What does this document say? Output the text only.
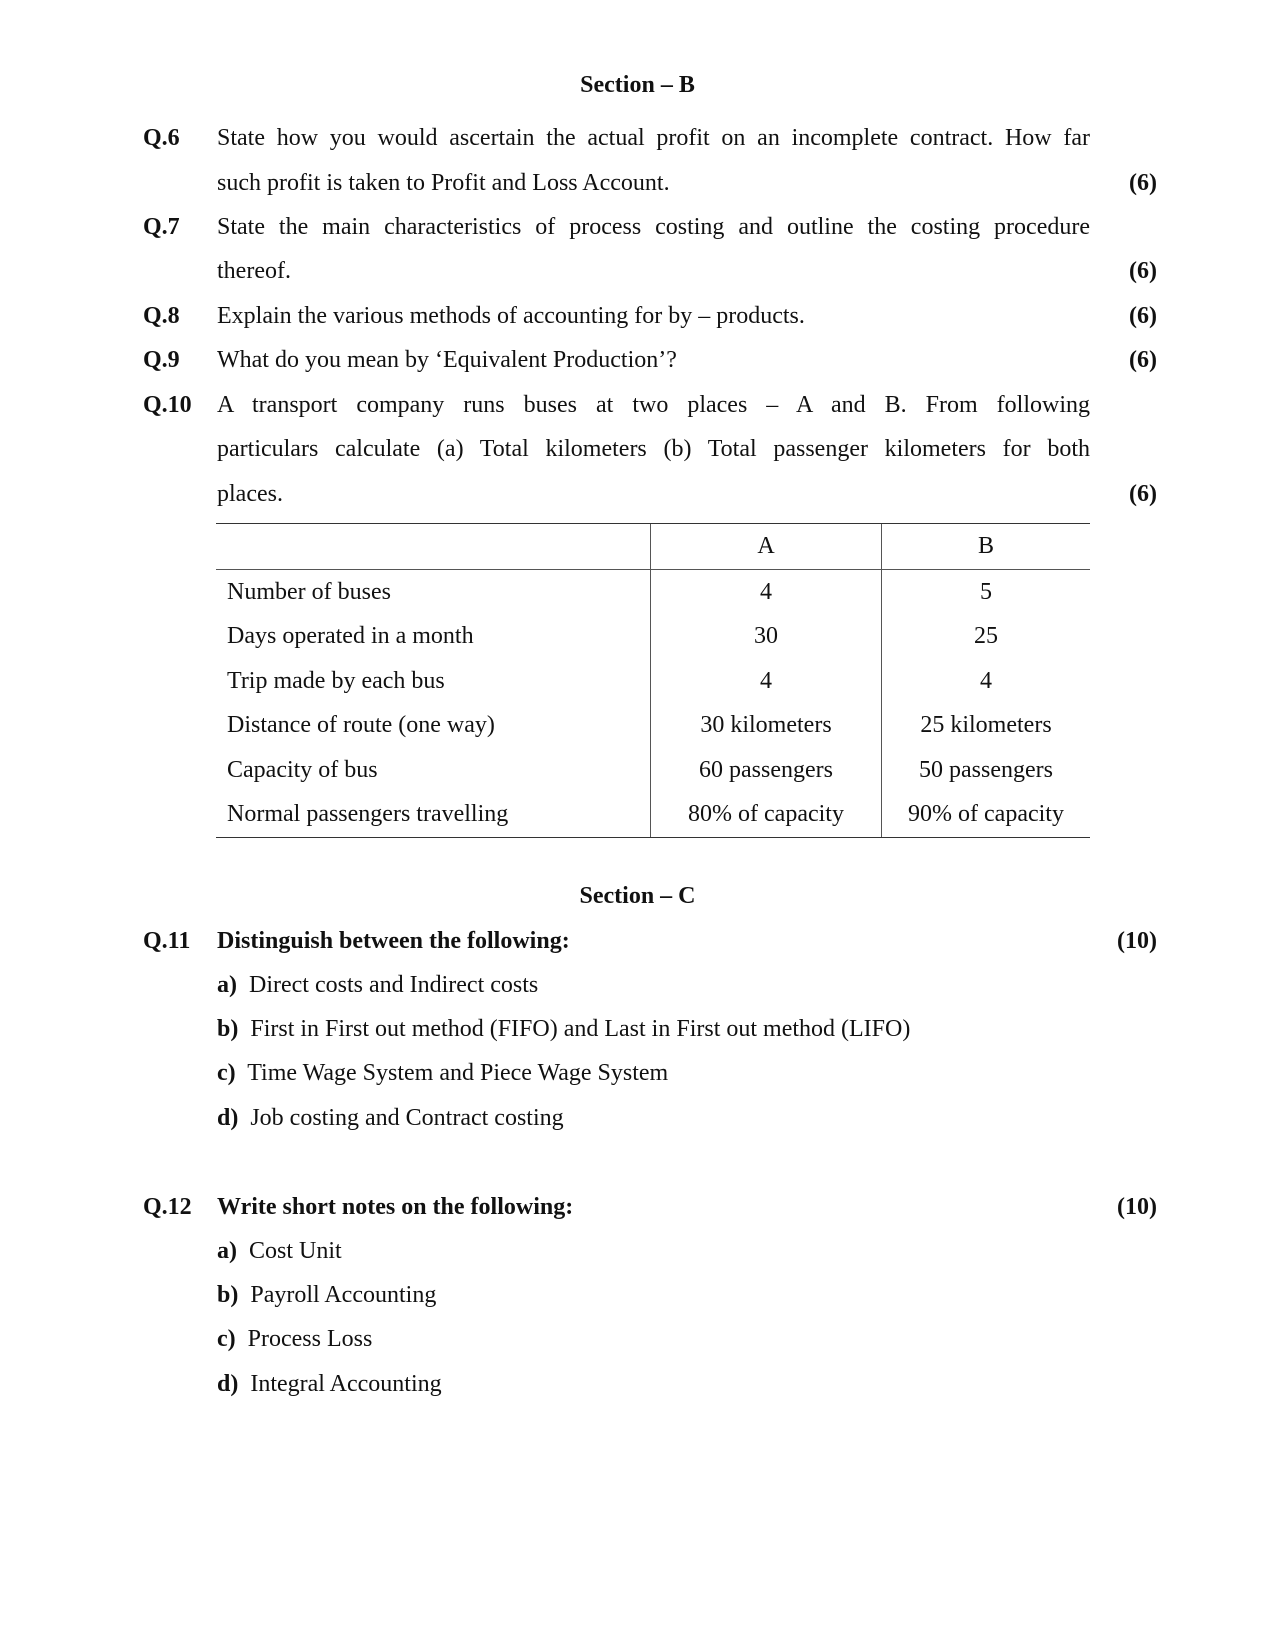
Section – B
Q.6 State how you would ascertain the actual profit on an incomplete contract. How far
such profit is taken to Profit and Loss Account.	(6)
Q.7 State the main characteristics of process costing and outline the costing procedure
thereof.	(6)
Q.8 Explain the various methods of accounting for by – products.	(6)
Q.9 What do you mean by ‘Equivalent Production’?	(6)
Q.10 A transport company runs buses at two places – A and B. From following
particulars calculate (a) Total kilometers (b) Total passenger kilometers for both
places.	(6)
	A	B
Number of buses	4	5
Days operated in a month	30	25
Trip made by each bus	4	4
Distance of route (one way)	30 kilometers	25 kilometers
Capacity of bus	60 passengers	50 passengers
Normal passengers travelling	80% of capacity	90% of capacity
Section – C
Q.11 Distinguish between the following:	(10)
a) Direct costs and Indirect costs
b) First in First out method (FIFO) and Last in First out method (LIFO)
c) Time Wage System and Piece Wage System
d) Job costing and Contract costing
Q.12 Write short notes on the following:	(10)
a) Cost Unit
b) Payroll Accounting
c) Process Loss
d) Integral Accounting
